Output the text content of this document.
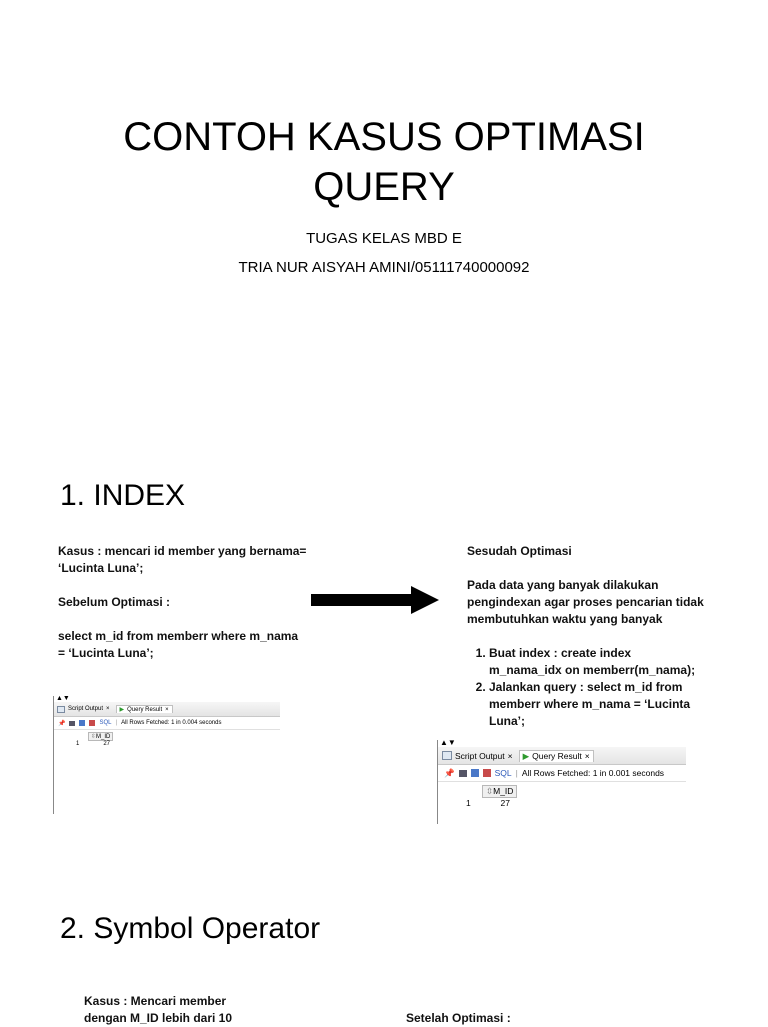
CONTOH KASUS OPTIMASI
QUERY
TUGAS KELAS MBD E
TRIA NUR AISYAH AMINI/05111740000092
1. INDEX
Kasus : mencari id member yang bernama=
‘Lucinta Luna’;
Sebelum Optimasi :
select m_id from memberr where m_nama
= ‘Lucinta Luna’;
Sesudah Optimasi
Pada data yang banyak dilakukan
pengindexan agar proses pencarian tidak
membutuhkan waktu yang banyak
1. Buat index : create index
m_nama_idx on memberr(m_nama);
2. Jalankan query : select m_id from
memberr where m_nama = ‘Lucinta
Luna’;
▲▼
Script Output × ▶ Query Result ×
📌	SQL | All Rows Fetched: 1 in 0.004 seconds
⇳M_ID
1	27	▲▼
Script Output × ▶ Query Result ×
📌	SQL | All Rows Fetched: 1 in 0.001 seconds
⇳M_ID
1	27
2. Symbol Operator
Kasus : Mencari member
dengan M_ID lebih dari 10	Setelah Optimasi :
